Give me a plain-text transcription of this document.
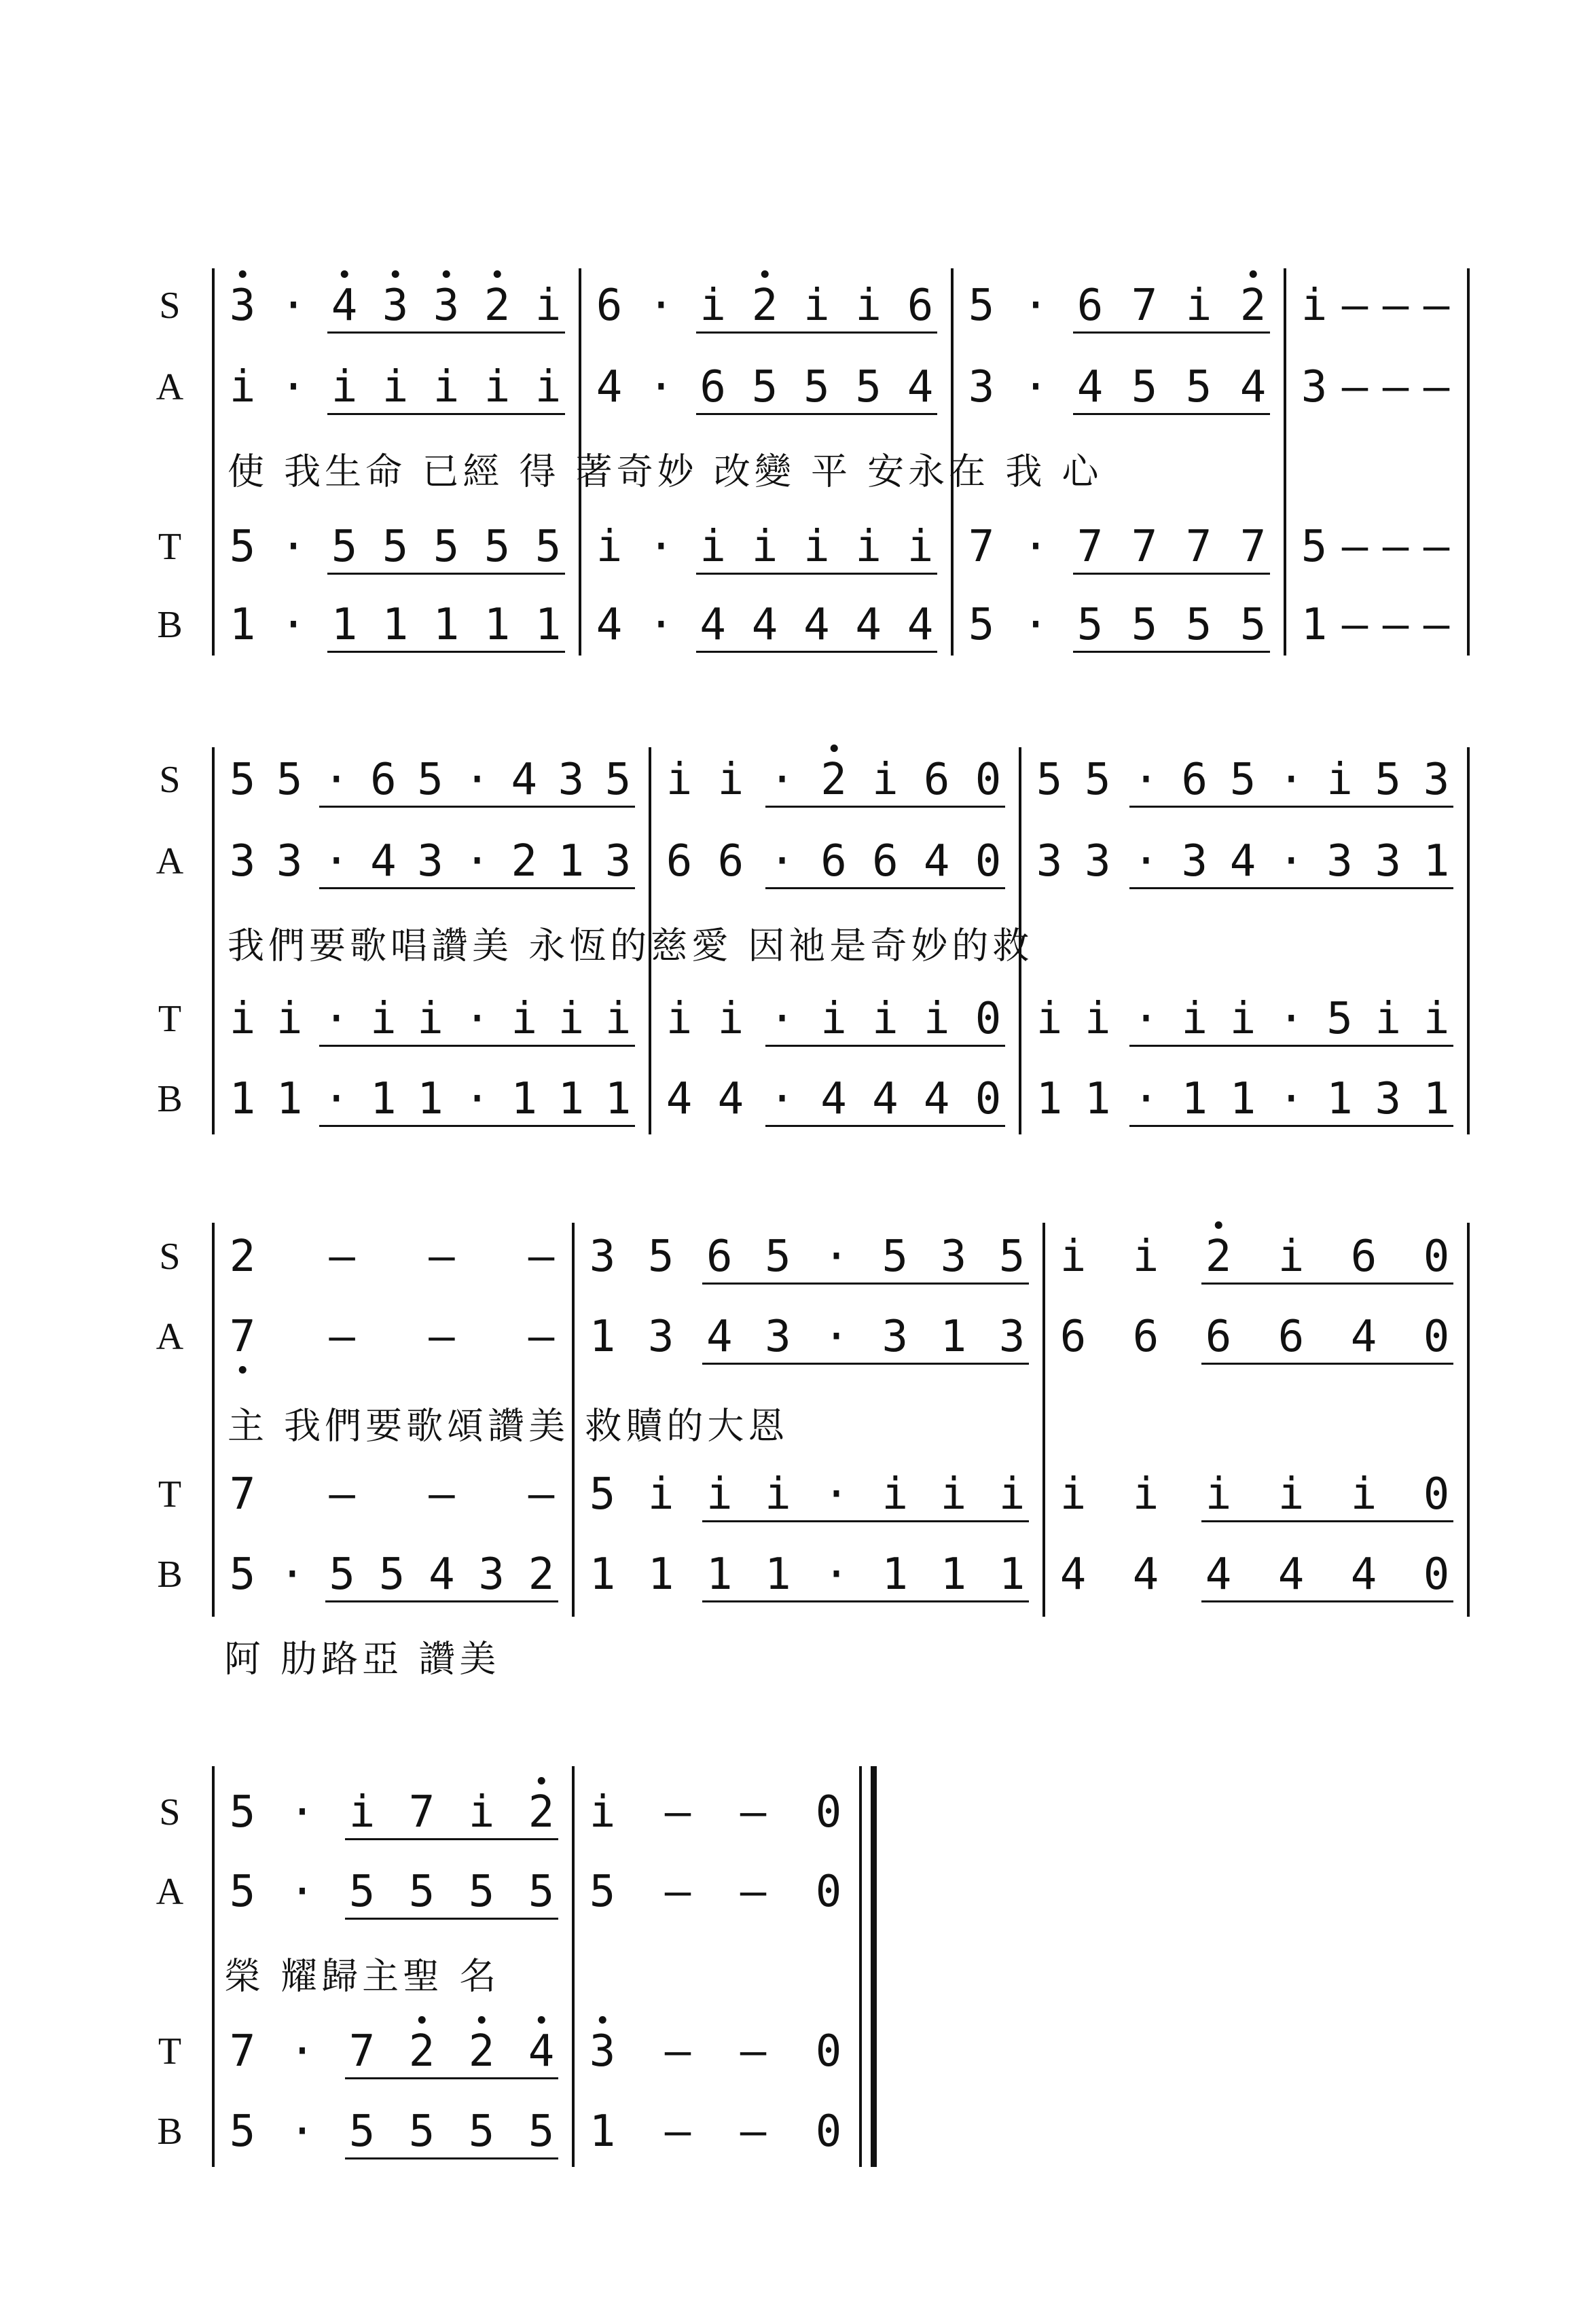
S
A
T
B
使 我生命 已經 得 著奇妙 改變 平 安永在 我 心
S
A
T
B
我們要歌唱讚美 永恆的慈愛 因祂是奇妙的救
S
A
T
B
主 我們要歌頌讚美 救贖的大恩
阿 肋路亞 讚美
S
A
T
B
榮 耀歸主聖 名
3 · 4 3 3 2 i
i · i i i i i
5 · 5 5 5 5 5
1 · 1 1 1 1 1
6 · i 2 i i 6
4 · 6 5 5 5 4
i · i i i i i
4 · 4 4 4 4 4
5 · 6 7 i 2
3 · 4 5 5 4
7 · 7 7 7 7
5 · 5 5 5 5
i – – –
3 – – –
5 – – –
1 – – –
5 5 · 6 5 · 4 3 5
3 3 · 4 3 · 2 1 3
i i · i i · i i i
1 1 · 1 1 · 1 1 1
i i · 2 i 6 0
6 6 · 6 6 4 0
i i · i i i 0
4 4 · 4 4 4 0
5 5 · 6 5 · i 5 3
3 3 · 3 4 · 3 3 1
i i · i i · 5 i i
1 1 · 1 1 · 1 3 1
2 – – –
7 – – –
7 – – –
5 · 5 5 4 3 2
3 5 6 5 · 5 3 5
1 3 4 3 · 3 1 3
5 i i i · i i i
1 1 1 1 · 1 1 1
i i 2 i 6 0
6 6 6 6 4 0
i i i i i 0
4 4 4 4 4 0
5 · i 7 i 2
5 · 5 5 5 5
7 · 7 2 2 4
5 · 5 5 5 5
i – – 0
5 – – 0
3 – – 0
1 – – 0
